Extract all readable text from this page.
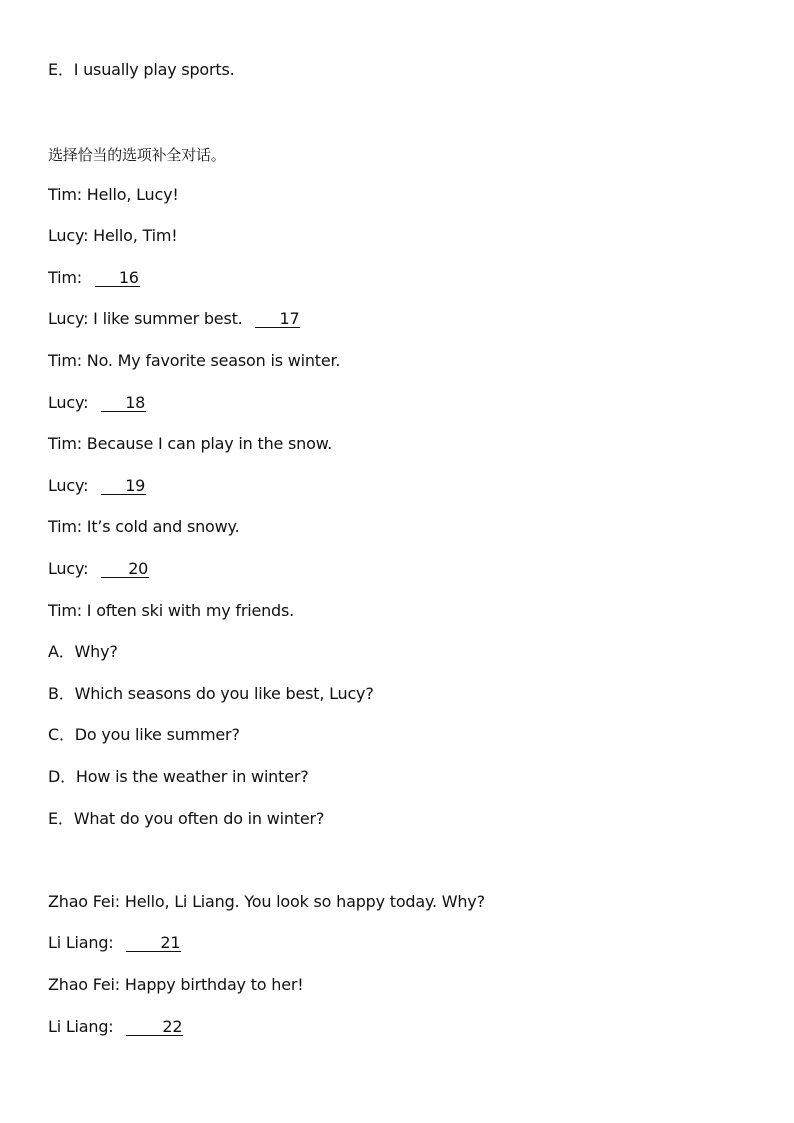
E．I usually play sports.
选择恰当的选项补全对话。
Tim: Hello, Lucy!
Lucy: Hello, Tim!
Tim: 16
Lucy: I like summer best. 17
Tim: No. My favorite season is winter.
Lucy: 18
Tim: Because I can play in the snow.
Lucy: 19
Tim: It’s cold and snowy.
Lucy: 20
Tim: I often ski with my friends.
A．Why?
B．Which seasons do you like best, Lucy?
C．Do you like summer?
D．How is the weather in winter?
E．What do you often do in winter?
Zhao Fei: Hello, Li Liang. You look so happy today. Why?
Li Liang:	21
Zhao Fei: Happy birthday to her!
Li Liang:	22
